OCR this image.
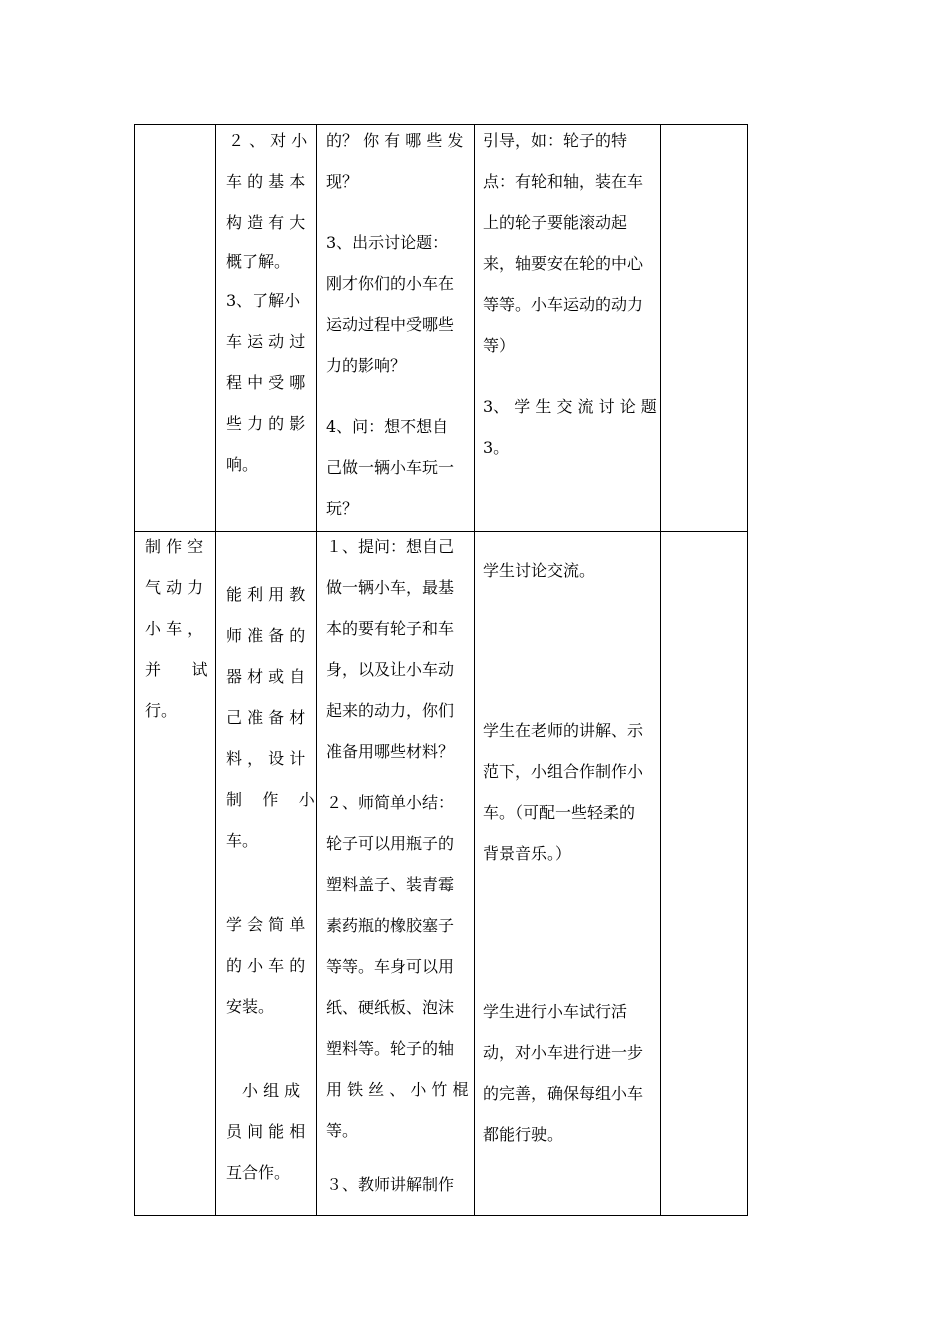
２ 、 对 小

车 的 基 本

构 造 有 大

概了解。

3、了解小

车 运 动 过

程 中 受 哪

些 力 的 影

响。

的？ 你 有 哪 些 发

现？

3、出示讨论题：

刚才你们的小车在

运动过程中受哪些

力的影响？

4、问：想不想自

己做一辆小车玩一

玩？

引导，如：轮子的特

点：有轮和轴，装在车

上的轮子要能滚动起

来，轴要安在轮的中心

等等。小车运动的动力

等）

3、 学 生 交 流 讨 论 题

3。

制 作 空

气 动 力

小 车 ，

并      试

行。

能 利 用 教

师 准 备 的

器 材 或 自

己 准 备 材

料 ， 设 计

制    作    小

车。

学 会 简 单

的 小 车 的

安装。

小 组 成

员 间 能 相

互合作。

１、提问：想自己

做一辆小车，最基

本的要有轮子和车

身，以及让小车动

起来的动力，你们

准备用哪些材料？

２、师简单小结：

轮子可以用瓶子的

塑料盖子、装青霉

素药瓶的橡胶塞子

等等。车身可以用

纸、硬纸板、泡沫

塑料等。轮子的轴

用 铁 丝 、 小 竹 棍

等。

３、教师讲解制作

学生讨论交流。

学生在老师的讲解、示

范下，小组合作制作小

车。（可配一些轻柔的

背景音乐。）

学生进行小车试行活

动，对小车进行进一步

的完善，确保每组小车

都能行驶。
